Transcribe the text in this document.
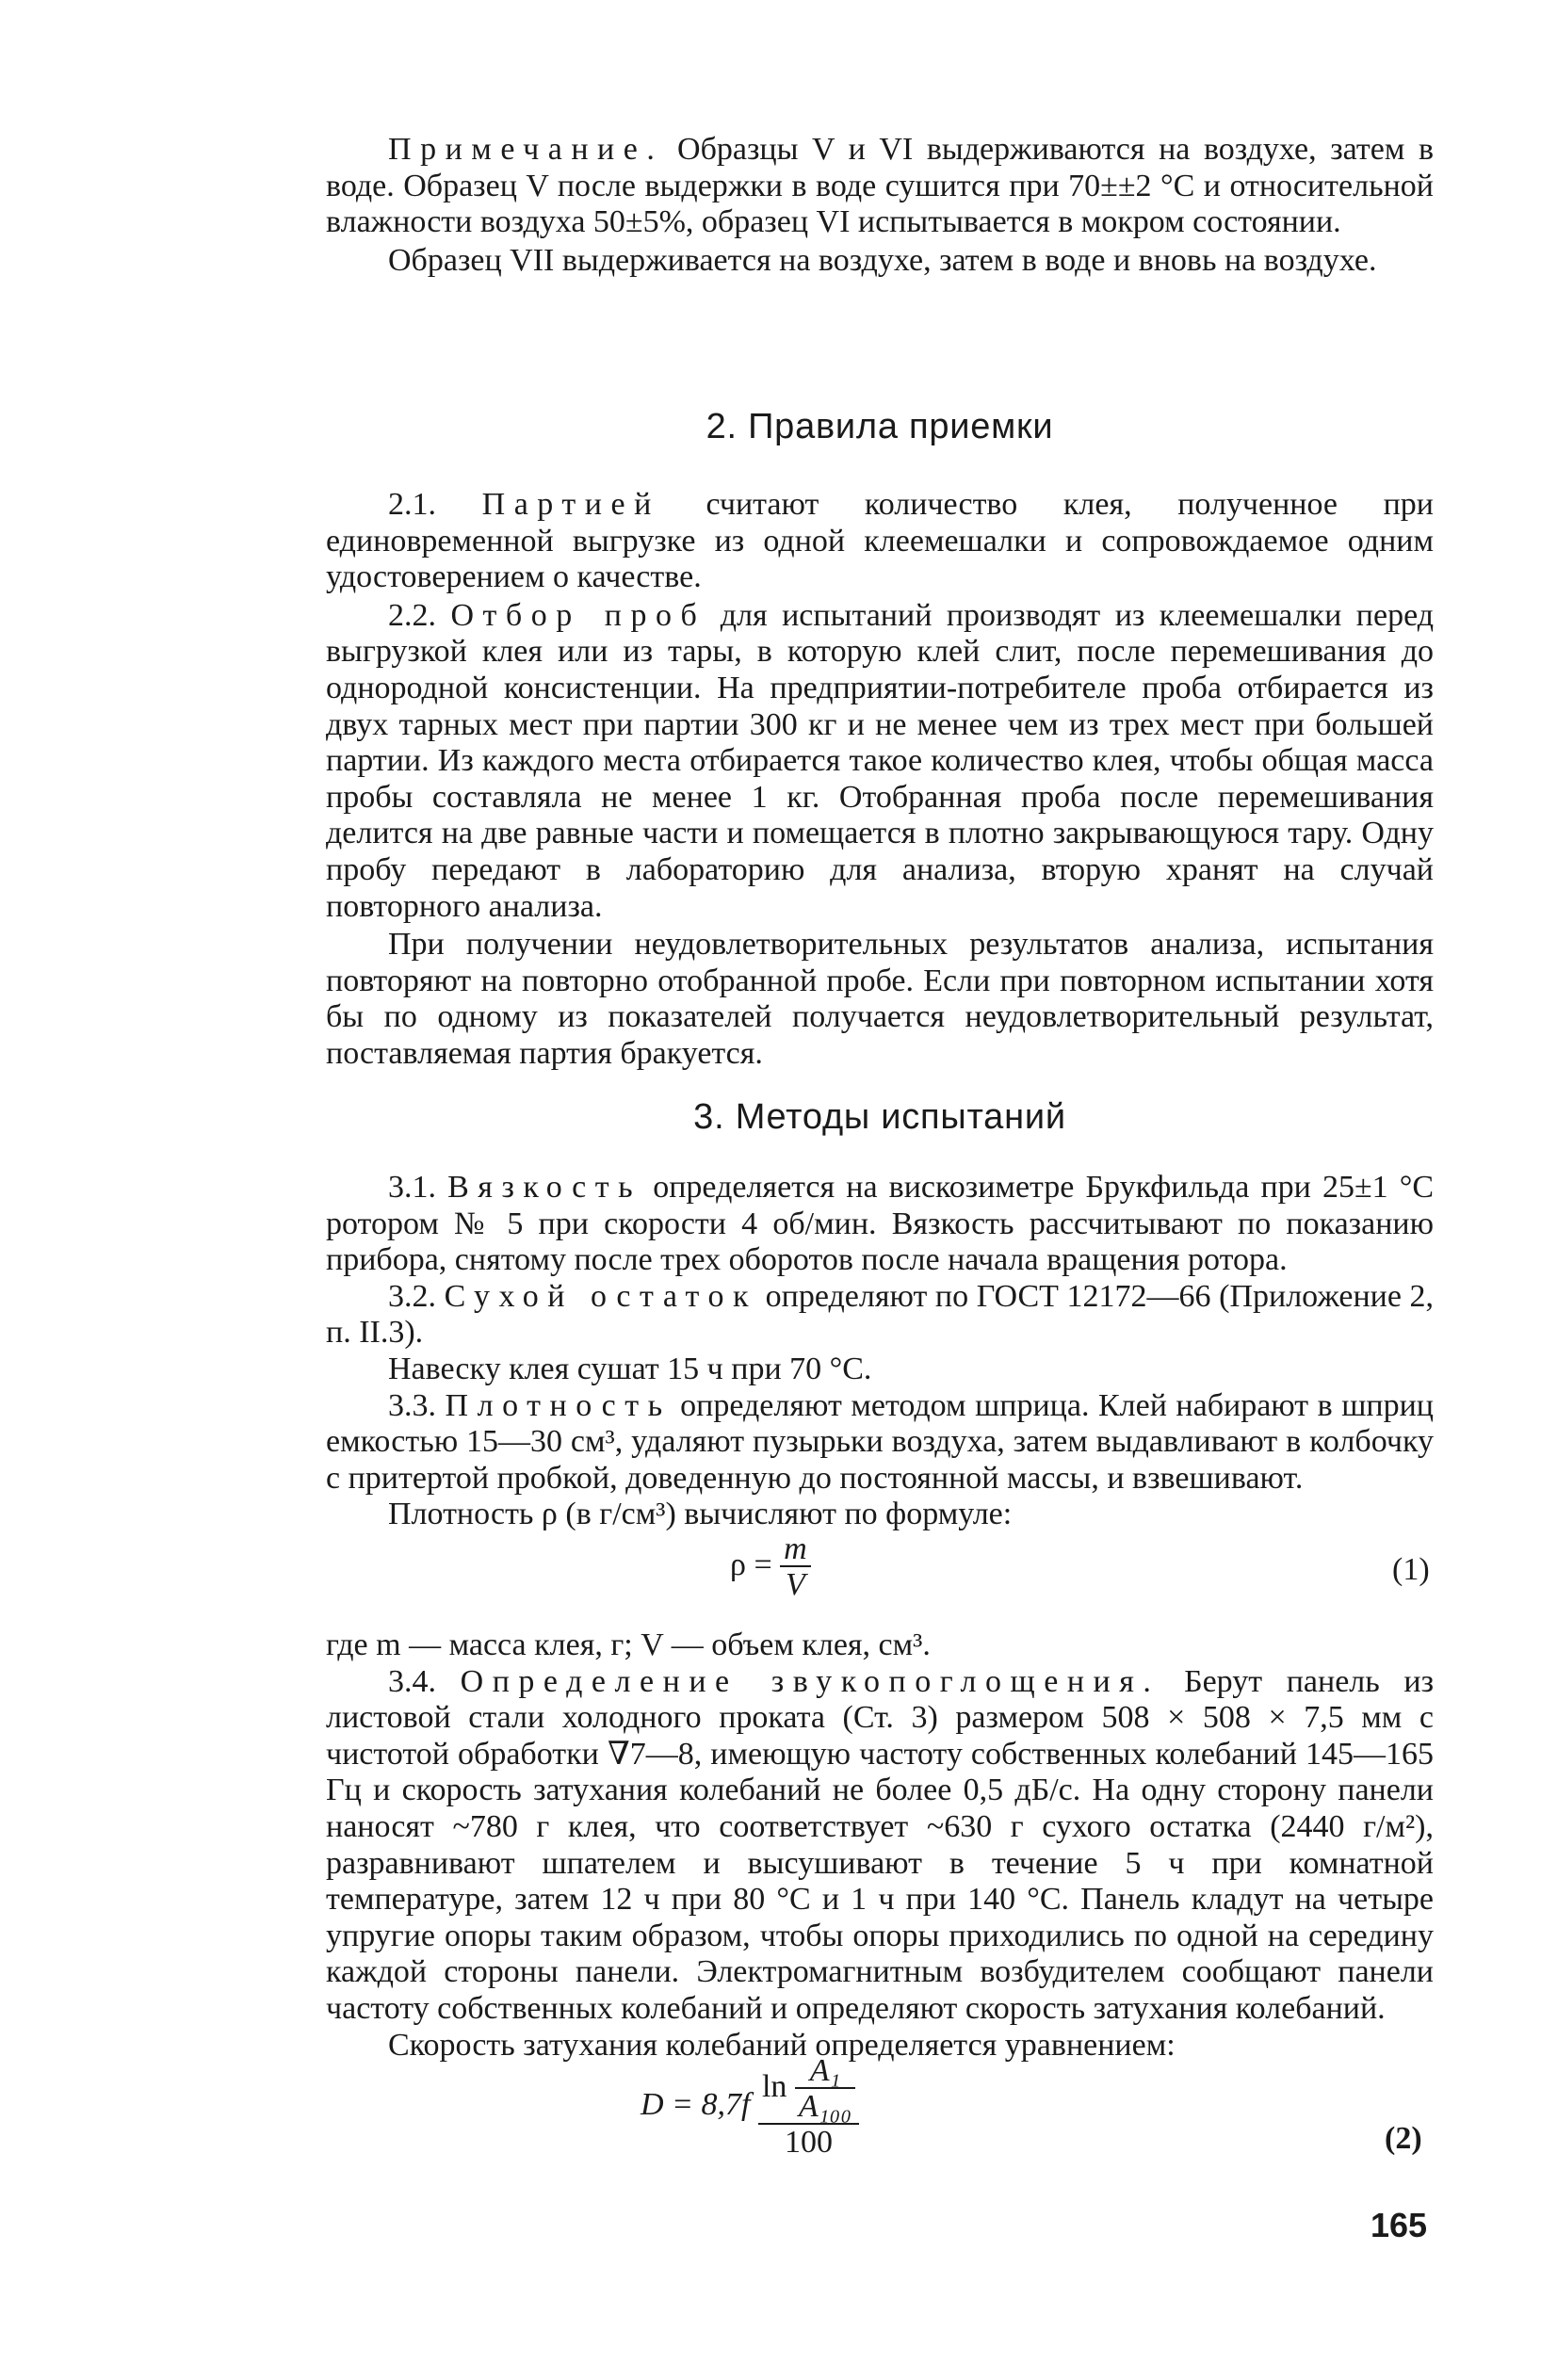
Примечание. Образцы V и VI выдерживаются на воздухе, затем в воде. Образец V после выдержки в воде сушится при 70±±2 °С и относительной влажности воздуха 50±5%, образец VI испытывается в мокром состоянии.

Образец VII выдерживается на воздухе, затем в воде и вновь на воздухе.

2. Правила приемки

2.1. Партией считают количество клея, полученное при единовременной выгрузке из одной клеемешалки и сопровождаемое одним удостоверением о качестве.

2.2. Отбор проб для испытаний производят из клеемешалки перед выгрузкой клея или из тары, в которую клей слит, после перемешивания до однородной консистенции. На предприятии-потребителе проба отбирается из двух тарных мест при партии 300 кг и не менее чем из трех мест при большей партии. Из каждого места отбирается такое количество клея, чтобы общая масса пробы составляла не менее 1 кг. Отобранная проба после перемешивания делится на две равные части и помещается в плотно закрывающуюся тару. Одну пробу передают в лабораторию для анализа, вторую хранят на случай повторного анализа.

При получении неудовлетворительных результатов анализа, испытания повторяют на повторно отобранной пробе. Если при повторном испытании хотя бы по одному из показателей получается неудовлетворительный результат, поставляемая партия бракуется.

3. Методы испытаний

3.1. Вязкость определяется на вискозиметре Брукфильда при 25±1 °С ротором № 5 при скорости 4 об/мин. Вязкость рассчитывают по показанию прибора, снятому после трех оборотов после начала вращения ротора.

3.2. Сухой остаток определяют по ГОСТ 12172—66 (Приложение 2, п. II.3).

Навеску клея сушат 15 ч при 70 °С.

3.3. Плотность определяют методом шприца. Клей набирают в шприц емкостью 15—30 см³, удаляют пузырьки воздуха, затем выдавливают в колбочку с притертой пробкой, доведенную до постоянной массы, и взвешивают.

Плотность ρ (в г/см³) вычисляют по формуле:

$\rho = \frac{m}{V}$	(1)

где m — масса клея, г; V — объем клея, см³.

3.4. Определение звукопоглощения. Берут панель из листовой стали холодного проката (Ст. 3) размером 508 × 508 × 7,5 мм с чистотой обработки ∇7—8, имеющую частоту собственных колебаний 145—165 Гц и скорость затухания колебаний не более 0,5 дБ/с. На одну сторону панели наносят ~780 г клея, что соответствует ~630 г сухого остатка (2440 г/м²), разравнивают шпателем и высушивают в течение 5 ч при комнатной температуре, затем 12 ч при 80 °С и 1 ч при 140 °С. Панель кладут на четыре упругие опоры таким образом, чтобы опоры приходились по одной на середину каждой стороны панели. Электромагнитным возбудителем сообщают панели частоту собственных колебаний и определяют скорость затухания колебаний.

Скорость затухания колебаний определяется уравнением:

$D = 8,7f \frac{\ln \frac{\text{A₁}}{\text{A₁₀₀}}}{100}$	(2)
165
